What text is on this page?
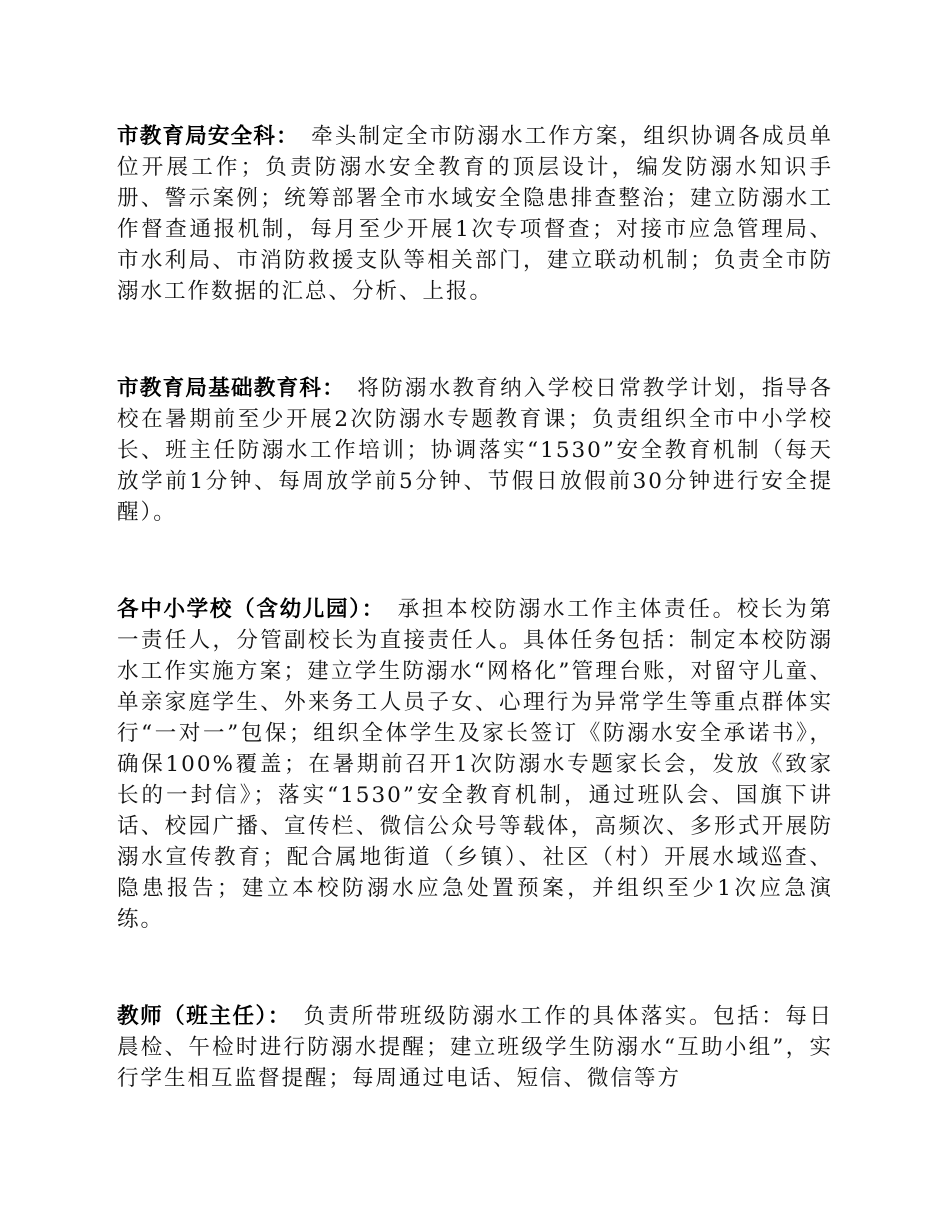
市教育局安全科： 牵头制定全市防溺水工作方案，组织协调各成员单位开展工作；负责防溺水安全教育的顶层设计，编发防溺水知识手册、警示案例；统筹部署全市水域安全隐患排查整治；建立防溺水工作督查通报机制，每月至少开展1次专项督查；对接市应急管理局、市水利局、市消防救援支队等相关部门，建立联动机制；负责全市防溺水工作数据的汇总、分析、上报。

市教育局基础教育科： 将防溺水教育纳入学校日常教学计划，指导各校在暑期前至少开展2次防溺水专题教育课；负责组织全市中小学校长、班主任防溺水工作培训；协调落实“1530”安全教育机制（每天放学前1分钟、每周放学前5分钟、节假日放假前30分钟进行安全提醒）。

各中小学校（含幼儿园）： 承担本校防溺水工作主体责任。校长为第一责任人，分管副校长为直接责任人。具体任务包括：制定本校防溺水工作实施方案；建立学生防溺水“网格化”管理台账，对留守儿童、单亲家庭学生、外来务工人员子女、心理行为异常学生等重点群体实行“一对一”包保；组织全体学生及家长签订《防溺水安全承诺书》，确保100%覆盖；在暑期前召开1次防溺水专题家长会，发放《致家长的一封信》；落实“1530”安全教育机制，通过班队会、国旗下讲话、校园广播、宣传栏、微信公众号等载体，高频次、多形式开展防溺水宣传教育；配合属地街道（乡镇）、社区（村）开展水域巡查、隐患报告；建立本校防溺水应急处置预案，并组织至少1次应急演练。

教师（班主任）： 负责所带班级防溺水工作的具体落实。包括：每日晨检、午检时进行防溺水提醒；建立班级学生防溺水“互助小组”，实行学生相互监督提醒；每周通过电话、短信、微信等方
